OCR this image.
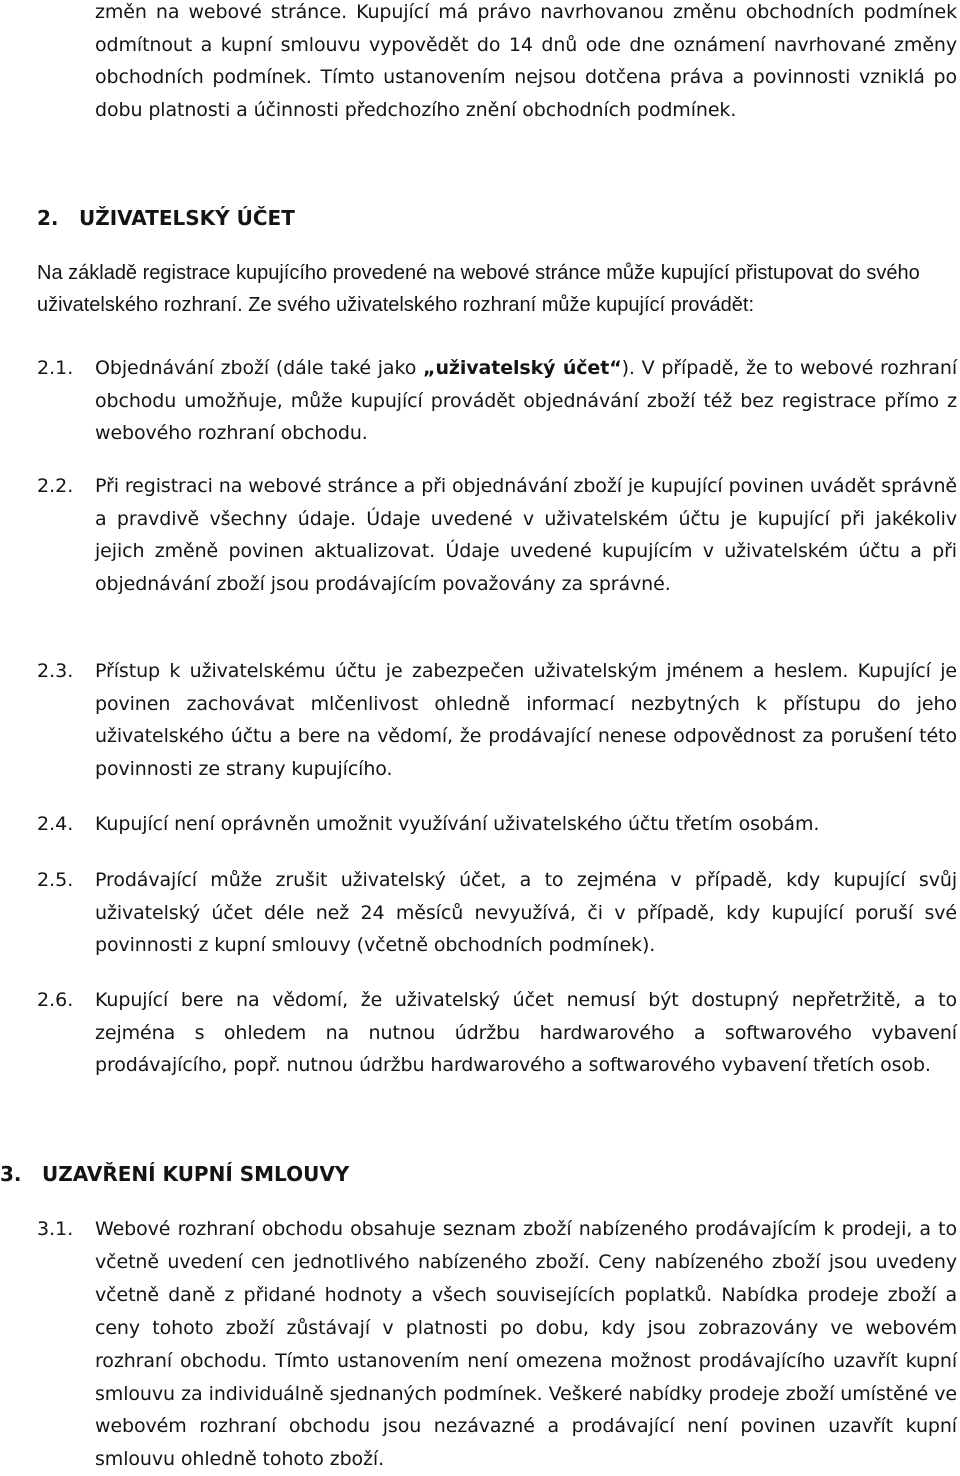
změn na webové stránce. Kupující má právo navrhovanou změnu obchodních podmínek odmítnout a kupní smlouvu vypovědět do 14 dnů ode dne oznámení navrhované změny obchodních podmínek. Tímto ustanovením nejsou dotčena práva a povinnosti vzniklá po dobu platnosti a účinnosti předchozího znění obchodních podmínek.

2. UŽIVATELSKÝ ÚČET

Na základě registrace kupujícího provedené na webové stránce může kupující přistupovat do svého uživatelského rozhraní. Ze svého uživatelského rozhraní může kupující provádět:

2.1. Objednávání zboží (dále také jako „uživatelský účet“). V případě, že to webové rozhraní obchodu umožňuje, může kupující provádět objednávání zboží též bez registrace přímo z webového rozhraní obchodu.

2.2. Při registraci na webové stránce a při objednávání zboží je kupující povinen uvádět správně a pravdivě všechny údaje. Údaje uvedené v uživatelském účtu je kupující při jakékoliv jejich změně povinen aktualizovat. Údaje uvedené kupujícím v uživatelském účtu a při objednávání zboží jsou prodávajícím považovány za správné.

2.3. Přístup k uživatelskému účtu je zabezpečen uživatelským jménem a heslem. Kupující je povinen zachovávat mlčenlivost ohledně informací nezbytných k přístupu do jeho uživatelského účtu a bere na vědomí, že prodávající nenese odpovědnost za porušení této povinnosti ze strany kupujícího.

2.4. Kupující není oprávněn umožnit využívání uživatelského účtu třetím osobám.

2.5. Prodávající může zrušit uživatelský účet, a to zejména v případě, kdy kupující svůj uživatelský účet déle než 24 měsíců nevyužívá, či v případě, kdy kupující poruší své povinnosti z kupní smlouvy (včetně obchodních podmínek).

2.6. Kupující bere na vědomí, že uživatelský účet nemusí být dostupný nepřetržitě, a to zejména s ohledem na nutnou údržbu hardwarového a softwarového vybavení prodávajícího, popř. nutnou údržbu hardwarového a softwarového vybavení třetích osob.

3. UZAVŘENÍ KUPNÍ SMLOUVY
3.1. Webové rozhraní obchodu obsahuje seznam zboží nabízeného prodávajícím k prodeji, a to včetně uvedení cen jednotlivého nabízeného zboží. Ceny nabízeného zboží jsou uvedeny včetně daně z přidané hodnoty a všech souvisejících poplatků. Nabídka prodeje zboží a ceny tohoto zboží zůstávají v platnosti po dobu, kdy jsou zobrazovány ve webovém rozhraní obchodu. Tímto ustanovením není omezena možnost prodávajícího uzavřít kupní smlouvu za individuálně sjednaných podmínek. Veškeré nabídky prodeje zboží umístěné ve webovém rozhraní obchodu jsou nezávazné a prodávající není povinen uzavřít kupní smlouvu ohledně tohoto zboží.
